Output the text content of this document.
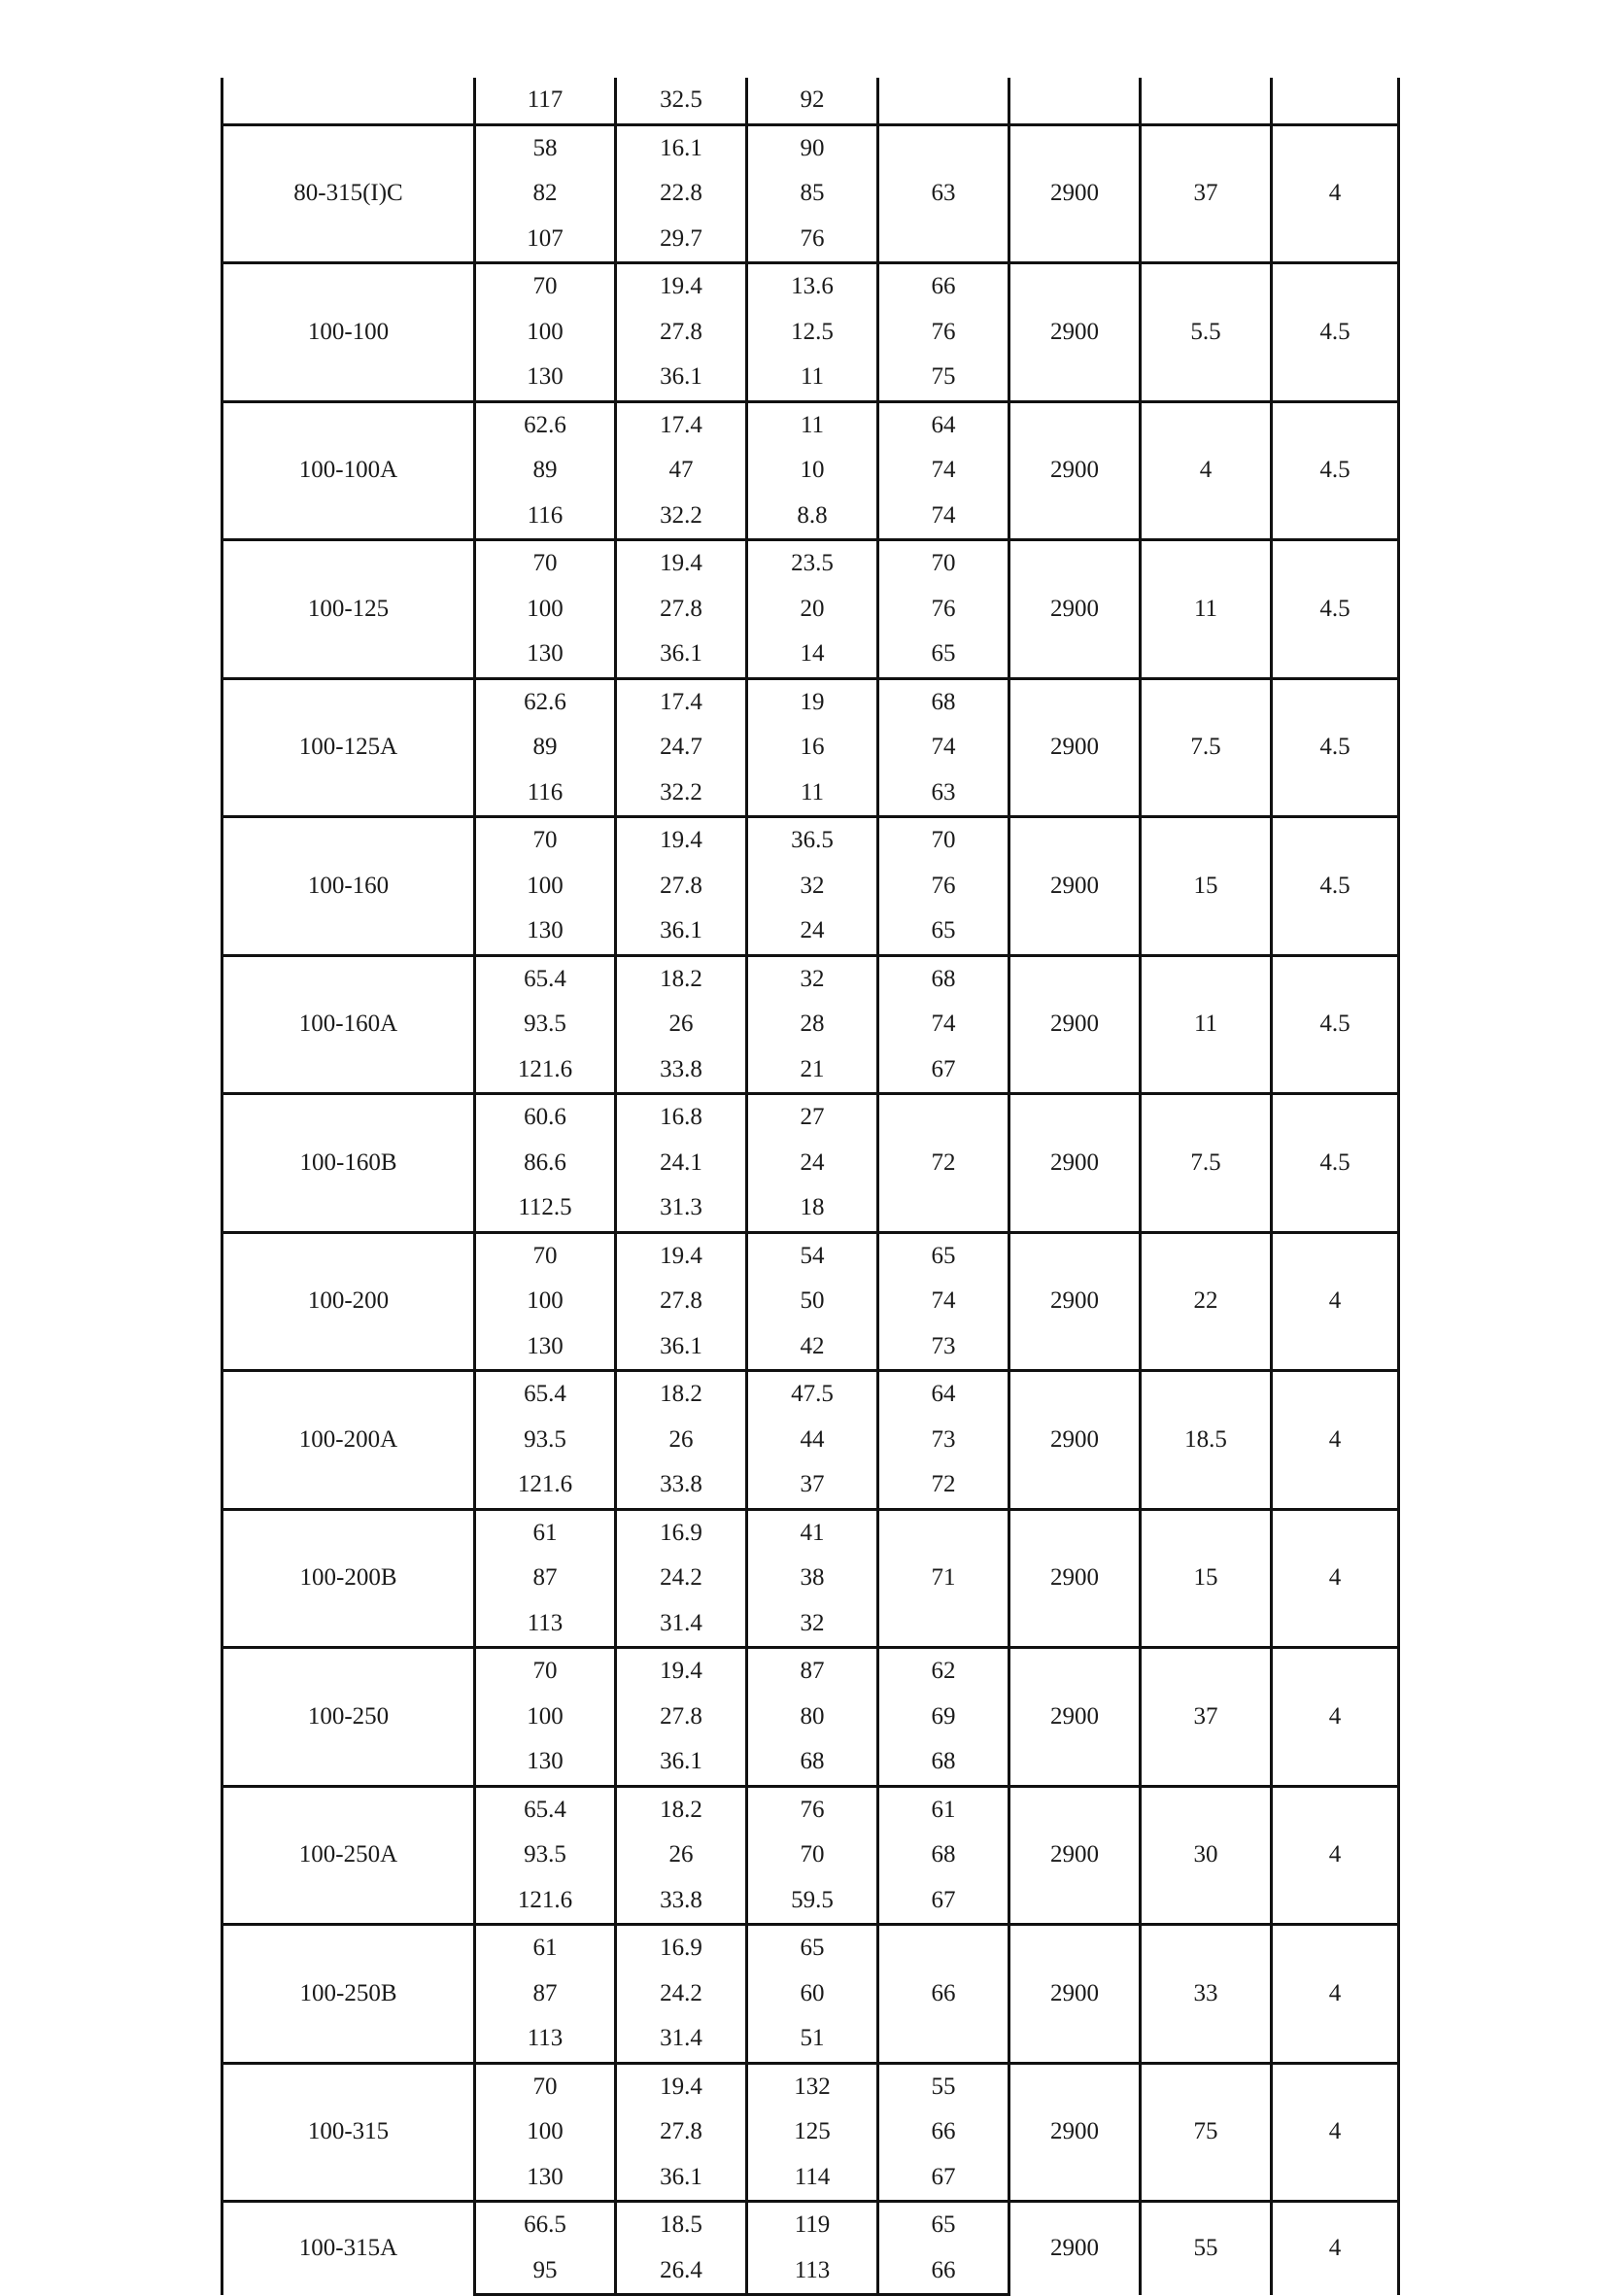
	117	32.5	92				
80-315(I)C	58	16.1	90	63	2900	37	4
	82	22.8	85				
	107	29.7	76				
100-100	70	19.4	13.6	66	2900	5.5	4.5
	100	27.8	12.5	76			
	130	36.1	11	75			
100-100A	62.6	17.4	11	64	2900	4	4.5
	89	47	10	74			
	116	32.2	8.8	74			
100-125	70	19.4	23.5	70	2900	11	4.5
	100	27.8	20	76			
	130	36.1	14	65			
100-125A	62.6	17.4	19	68	2900	7.5	4.5
	89	24.7	16	74			
	116	32.2	11	63			
100-160	70	19.4	36.5	70	2900	15	4.5
	100	27.8	32	76			
	130	36.1	24	65			
100-160A	65.4	18.2	32	68	2900	11	4.5
	93.5	26	28	74			
	121.6	33.8	21	67			
100-160B	60.6	16.8	27	72	2900	7.5	4.5
	86.6	24.1	24				
	112.5	31.3	18				
100-200	70	19.4	54	65	2900	22	4
	100	27.8	50	74			
	130	36.1	42	73			
100-200A	65.4	18.2	47.5	64	2900	18.5	4
	93.5	26	44	73			
	121.6	33.8	37	72			
100-200B	61	16.9	41	71	2900	15	4
	87	24.2	38				
	113	31.4	32				
100-250	70	19.4	87	62	2900	37	4
	100	27.8	80	69			
	130	36.1	68	68			
100-250A	65.4	18.2	76	61	2900	30	4
	93.5	26	70	68			
	121.6	33.8	59.5	67			
100-250B	61	16.9	65	66	2900	33	4
	87	24.2	60				
	113	31.4	51				
100-315	70	19.4	132	55	2900	75	4
	100	27.8	125	66			
	130	36.1	114	67			
100-315A	66.5	18.5	119	65	2900	55	4
	95	26.4	113	66			
